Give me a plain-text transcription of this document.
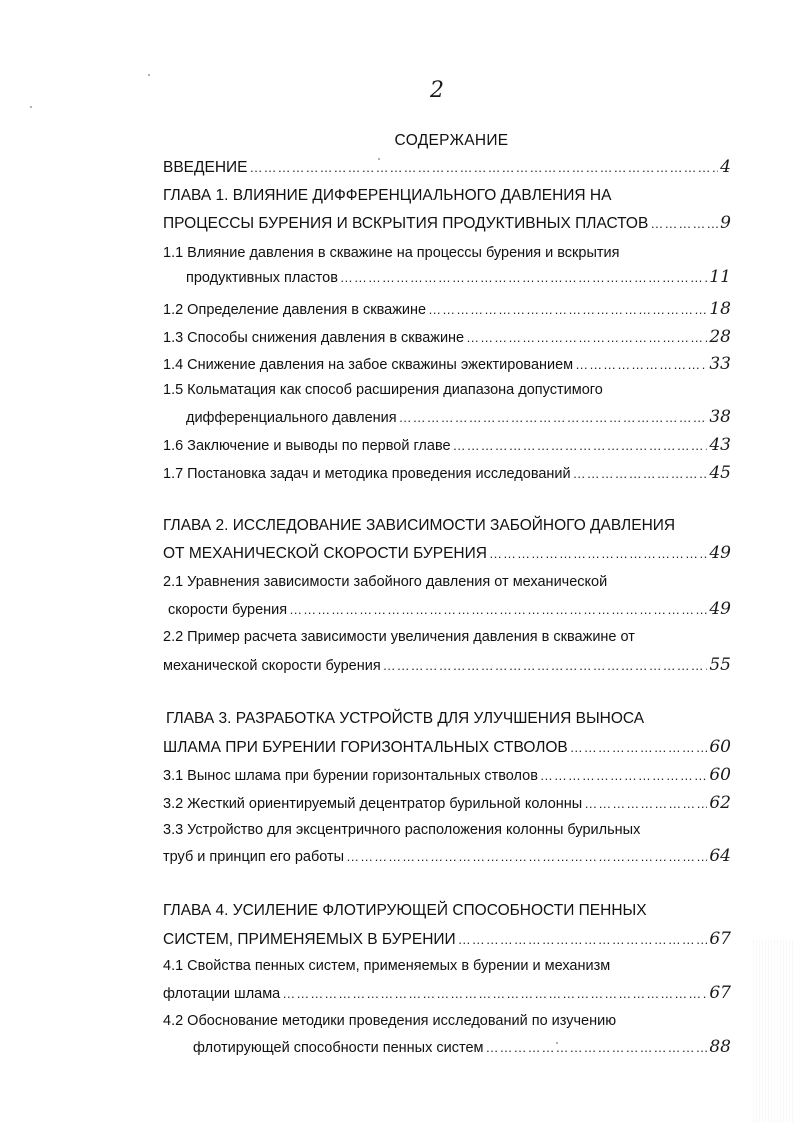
2
СОДЕРЖАНИЕ
ВВЕДЕНИЕ ………………………………………………………………………………………………………………………………………………………………	4
ГЛАВА 1. ВЛИЯНИЕ ДИФФЕРЕНЦИАЛЬНОГО ДАВЛЕНИЯ НА
ПРОЦЕССЫ БУРЕНИЯ И ВСКРЫТИЯ ПРОДУКТИВНЫХ ПЛАСТОВ ………………………………………………………………………………………………………………………………………………………………	9
1.1 Влияние давления в скважине на процессы бурения и вскрытия
продуктивных пластов ………………………………………………………………………………………………………………………………………………………………	11
1.2 Определение давления в скважине ………………………………………………………………………………………………………………………………………………………………	18
1.3 Способы снижения давления в скважине ………………………………………………………………………………………………………………………………………………………………	28
1.4 Снижение давления на забое скважины эжектированием ………………………………………………………………………………………………………………………………………………………………	33
1.5 Кольматация как способ расширения диапазона допустимого
дифференциального давления ………………………………………………………………………………………………………………………………………………………………	38
1.6 Заключение и выводы по первой главе ………………………………………………………………………………………………………………………………………………………………	43
1.7 Постановка задач и методика проведения исследований ………………………………………………………………………………………………………………………………………………………………	45
ГЛАВА 2. ИССЛЕДОВАНИЕ ЗАВИСИМОСТИ ЗАБОЙНОГО ДАВЛЕНИЯ
ОТ МЕХАНИЧЕСКОЙ СКОРОСТИ БУРЕНИЯ ………………………………………………………………………………………………………………………………………………………………	49
2.1 Уравнения зависимости забойного давления от механической
скорости бурения ………………………………………………………………………………………………………………………………………………………………	49
2.2 Пример расчета зависимости увеличения давления в скважине от
механической скорости бурения ………………………………………………………………………………………………………………………………………………………………	55
ГЛАВА 3. РАЗРАБОТКА УСТРОЙСТВ ДЛЯ УЛУЧШЕНИЯ ВЫНОСА
ШЛАМА ПРИ БУРЕНИИ ГОРИЗОНТАЛЬНЫХ СТВОЛОВ ………………………………………………………………………………………………………………………………………………………………	60
3.1 Вынос шлама при бурении горизонтальных стволов ………………………………………………………………………………………………………………………………………………………………	60
3.2 Жесткий ориентируемый децентратор бурильной колонны ………………………………………………………………………………………………………………………………………………………………	62
3.3 Устройство для эксцентричного расположения колонны бурильных
труб и принцип его работы ………………………………………………………………………………………………………………………………………………………………	64
ГЛАВА 4. УСИЛЕНИЕ ФЛОТИРУЮЩЕЙ СПОСОБНОСТИ ПЕННЫХ
СИСТЕМ, ПРИМЕНЯЕМЫХ В БУРЕНИИ ………………………………………………………………………………………………………………………………………………………………	67
4.1 Свойства пенных систем, применяемых в бурении и механизм
флотации шлама ………………………………………………………………………………………………………………………………………………………………	67
4.2 Обоснование методики проведения исследований по изучению
флотирующей способности пенных систем ………………………………………………………………………………………………………………………………………………………………	88
